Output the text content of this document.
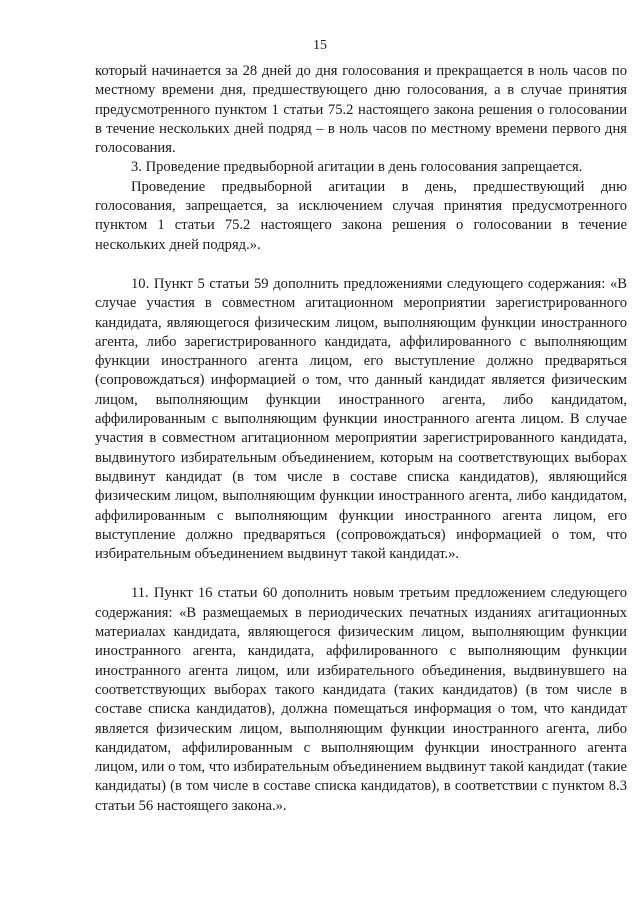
15

который начинается за 28 дней до дня голосования и прекращается в ноль часов по местному времени дня, предшествующего дню голосования, а в случае принятия предусмотренного пунктом 1 статьи 75.2 настоящего закона решения о голосовании в течение нескольких дней подряд – в ноль часов по местному времени первого дня голосования.

3. Проведение предвыборной агитации в день голосования запрещается.

Проведение предвыборной агитации в день, предшествующий дню голосования, запрещается, за исключением случая принятия предусмотренного пунктом 1 статьи 75.2 настоящего закона решения о голосовании в течение нескольких дней подряд.».

10. Пункт 5 статьи 59 дополнить предложениями следующего содержания: «В случае участия в совместном агитационном мероприятии зарегистрированного кандидата, являющегося физическим лицом, выполняющим функции иностранного агента, либо зарегистрированного кандидата, аффилированного с выполняющим функции иностранного агента лицом, его выступление должно предваряться (сопровождаться) информацией о том, что данный кандидат является физическим лицом, выполняющим функции иностранного агента, либо кандидатом, аффилированным с выполняющим функции иностранного агента лицом. В случае участия в совместном агитационном мероприятии зарегистрированного кандидата, выдвинутого избирательным объединением, которым на соответствующих выборах выдвинут кандидат (в том числе в составе списка кандидатов), являющийся физическим лицом, выполняющим функции иностранного агента, либо кандидатом, аффилированным с выполняющим функции иностранного агента лицом, его выступление должно предваряться (сопровождаться) информацией о том, что избирательным объединением выдвинут такой кандидат.».

11. Пункт 16 статьи 60 дополнить новым третьим предложением следующего содержания: «В размещаемых в периодических печатных изданиях агитационных материалах кандидата, являющегося физическим лицом, выполняющим функции иностранного агента, кандидата, аффилированного с выполняющим функции иностранного агента лицом, или избирательного объединения, выдвинувшего на соответствующих выборах такого кандидата (таких кандидатов) (в том числе в составе списка кандидатов), должна помещаться информация о том, что кандидат является физическим лицом, выполняющим функции иностранного агента, либо кандидатом, аффилированным с выполняющим функции иностранного агента лицом, или о том, что избирательным объединением выдвинут такой кандидат (такие кандидаты) (в том числе в составе списка кандидатов), в соответствии с пунктом 8.3 статьи 56 настоящего закона.».
